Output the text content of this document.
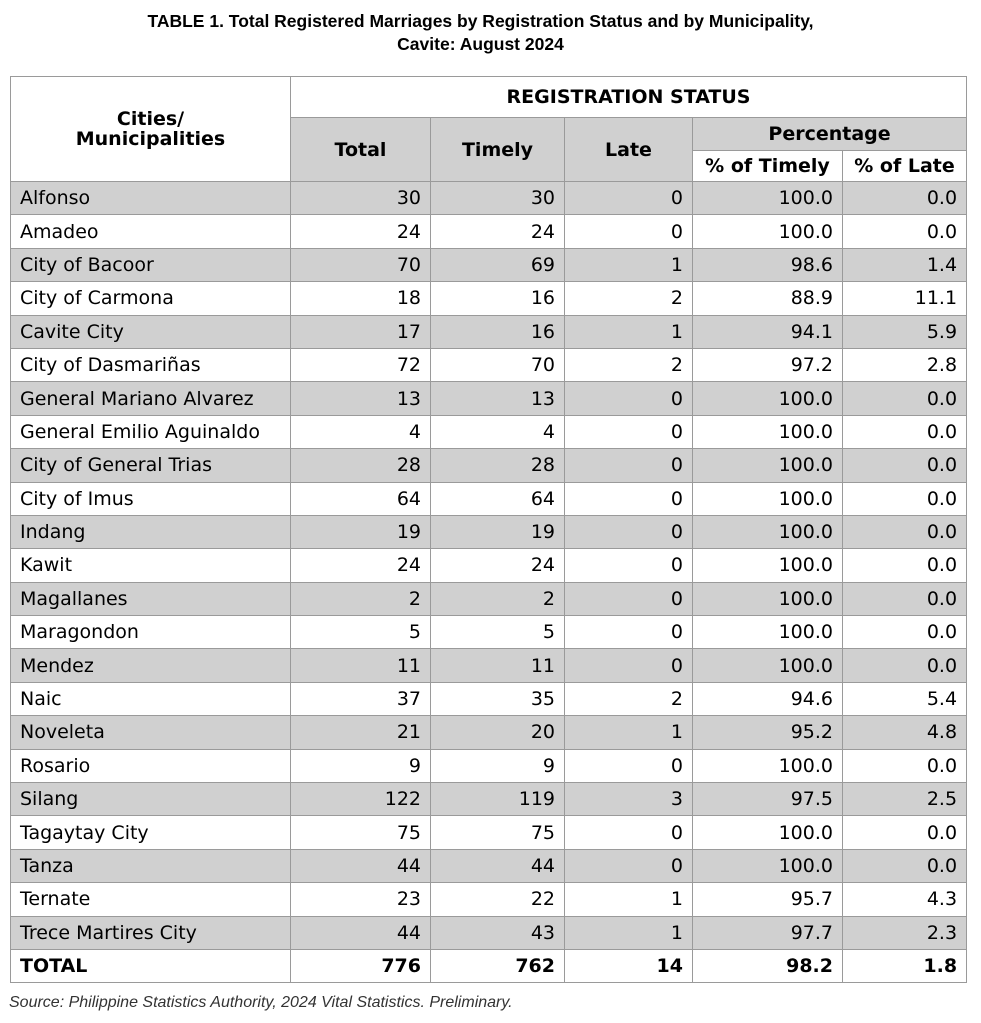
TABLE 1. Total Registered Marriages by Registration Status and by Municipality,
Cavite: August 2024
Cities/
Municipalities	REGISTRATION STATUS				
	Total	Timely	Late	Percentage	
				% of Timely	% of Late
Alfonso	30	30	0	100.0	0.0
Amadeo	24	24	0	100.0	0.0
City of Bacoor	70	69	1	98.6	1.4
City of Carmona	18	16	2	88.9	11.1
Cavite City	17	16	1	94.1	5.9
City of Dasmariñas	72	70	2	97.2	2.8
General Mariano Alvarez	13	13	0	100.0	0.0
General Emilio Aguinaldo	4	4	0	100.0	0.0
City of General Trias	28	28	0	100.0	0.0
City of Imus	64	64	0	100.0	0.0
Indang	19	19	0	100.0	0.0
Kawit	24	24	0	100.0	0.0
Magallanes	2	2	0	100.0	0.0
Maragondon	5	5	0	100.0	0.0
Mendez	11	11	0	100.0	0.0
Naic	37	35	2	94.6	5.4
Noveleta	21	20	1	95.2	4.8
Rosario	9	9	0	100.0	0.0
Silang	122	119	3	97.5	2.5
Tagaytay City	75	75	0	100.0	0.0
Tanza	44	44	0	100.0	0.0
Ternate	23	22	1	95.7	4.3
Trece Martires City	44	43	1	97.7	2.3
TOTAL	776	762	14	98.2	1.8
Source: Philippine Statistics Authority, 2024 Vital Statistics. Preliminary.
